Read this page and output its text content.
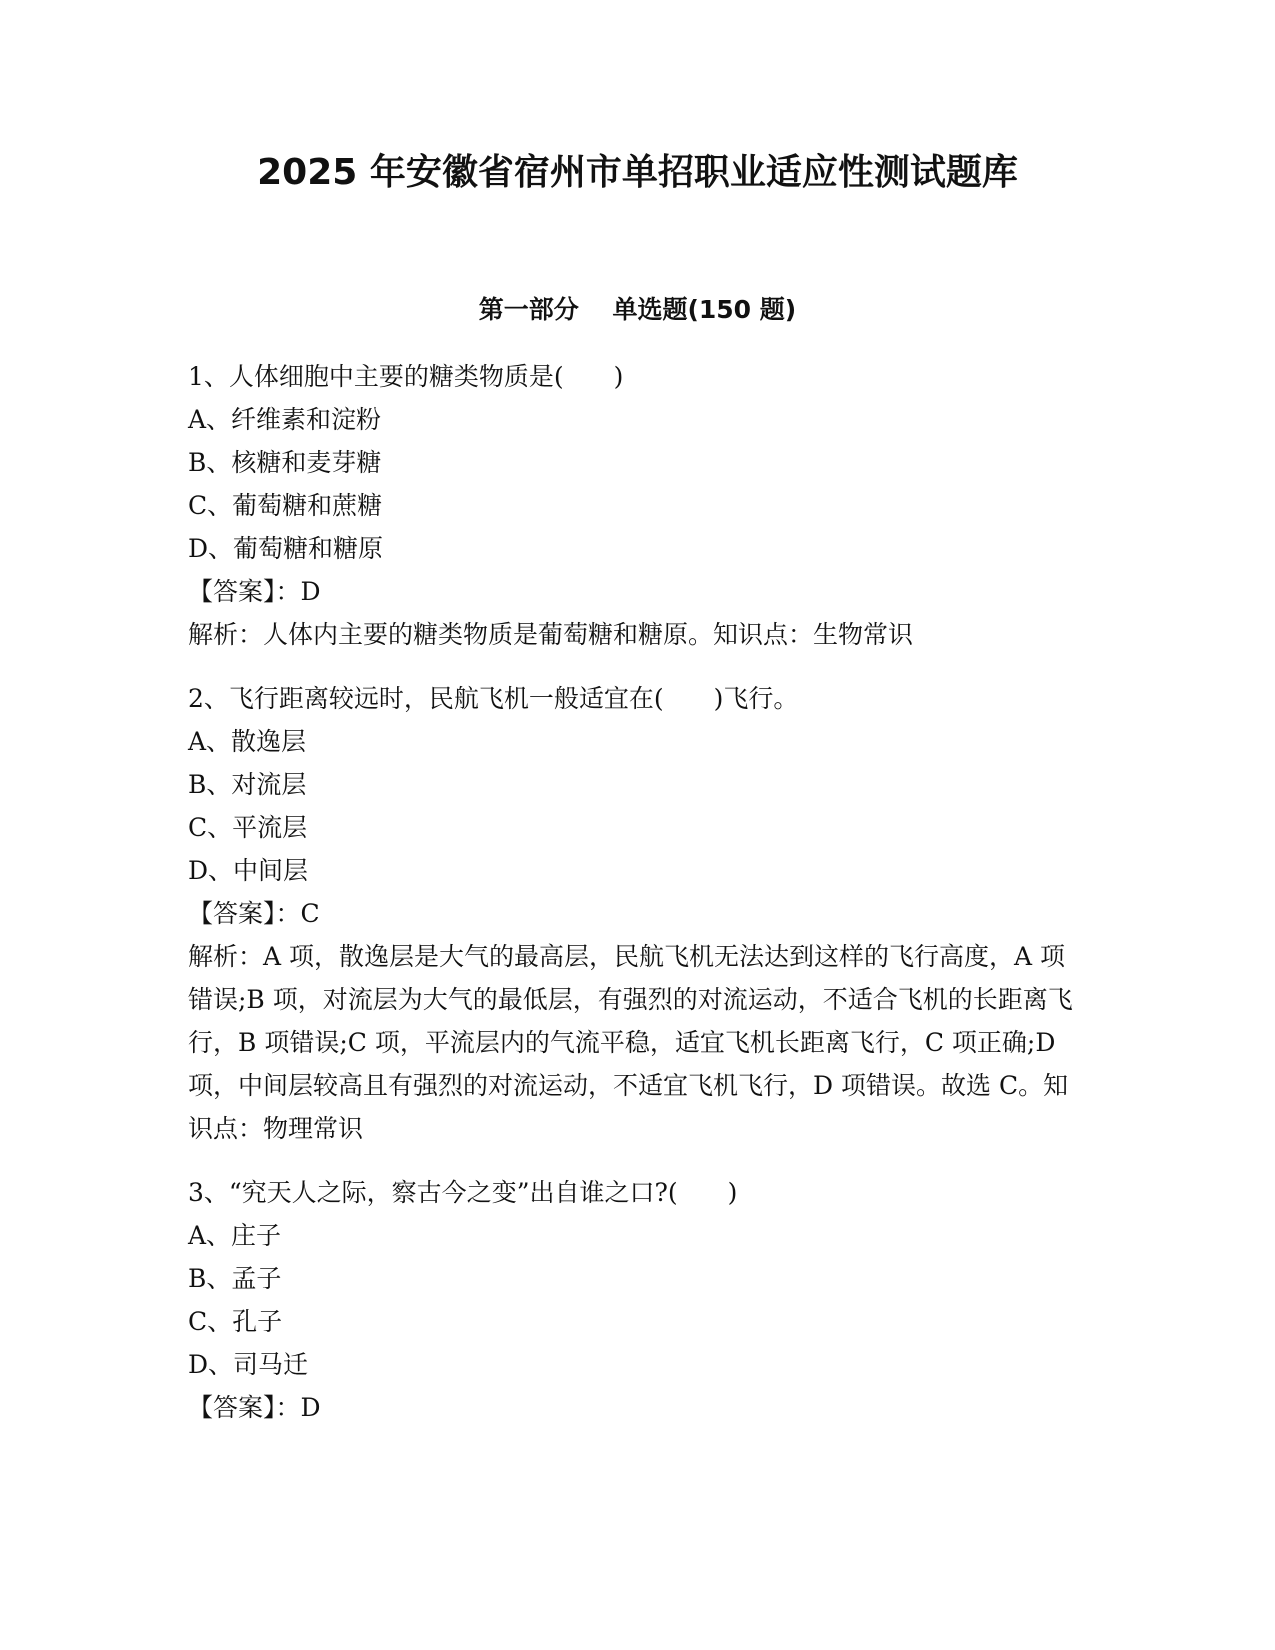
2025 年安徽省宿州市单招职业适应性测试题库
第一部分　 单选题(150 题)
1、人体细胞中主要的糖类物质是(　　)
A、纤维素和淀粉
B、核糖和麦芽糖
C、葡萄糖和蔗糖
D、葡萄糖和糖原
【答案】：D
解析：人体内主要的糖类物质是葡萄糖和糖原。知识点：生物常识
2、飞行距离较远时，民航飞机一般适宜在(　　)飞行。
A、散逸层
B、对流层
C、平流层
D、中间层
【答案】：C
解析：A 项，散逸层是大气的最高层，民航飞机无法达到这样的飞行高度，A 项错误;B 项，对流层为大气的最低层，有强烈的对流运动，不适合飞机的长距离飞行，B 项错误;C 项，平流层内的气流平稳，适宜飞机长距离飞行，C 项正确;D 项，中间层较高且有强烈的对流运动，不适宜飞机飞行，D 项错误。故选 C。知识点：物理常识
3、“究天人之际，察古今之变”出自谁之口?(　　)
A、庄子
B、孟子
C、孔子
D、司马迁
【答案】：D
